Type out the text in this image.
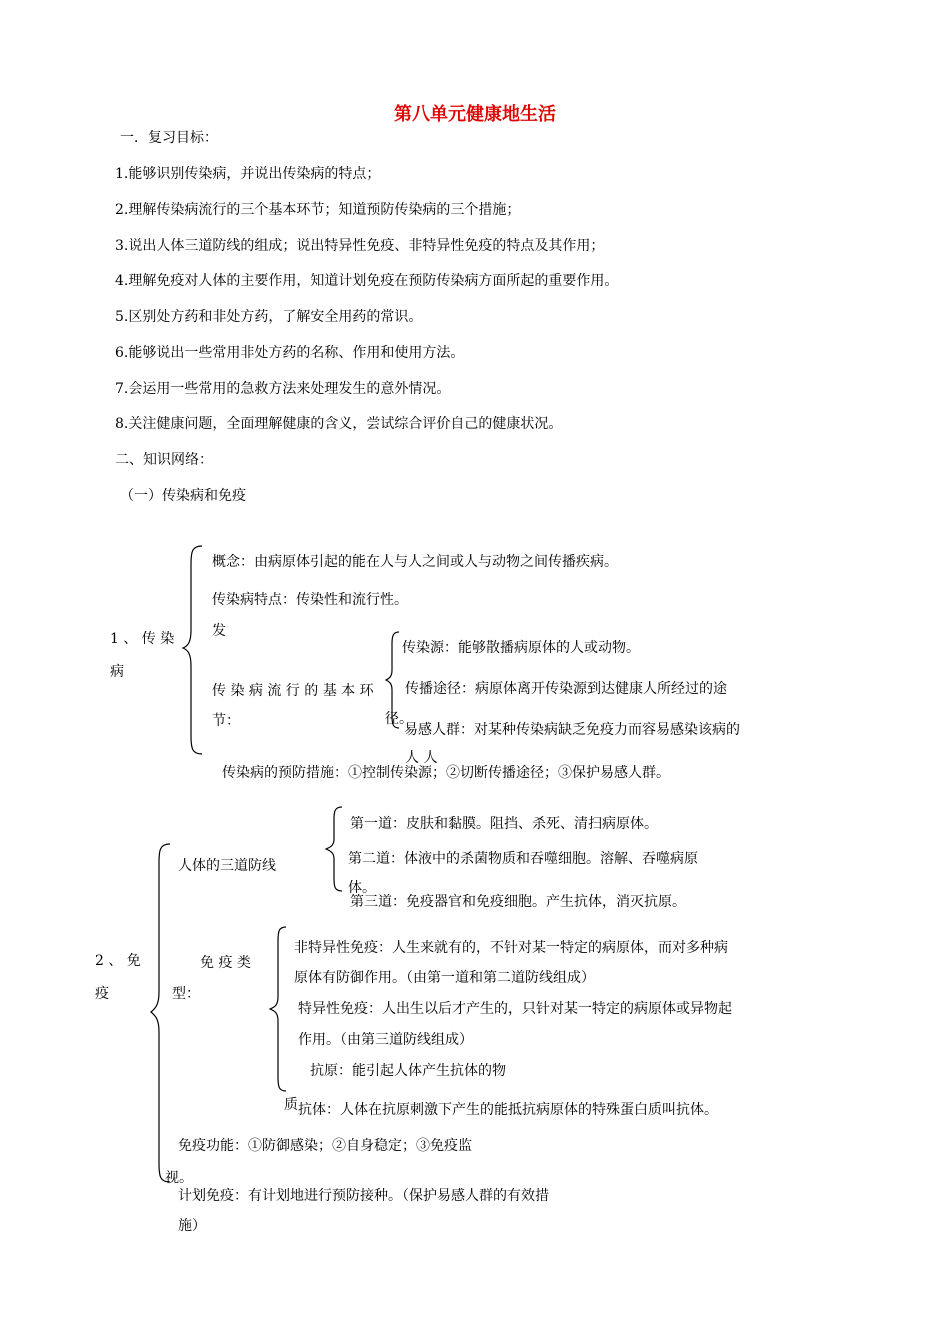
第八单元健康地生活
一．复习目标：
1.能够识别传染病，并说出传染病的特点；
2.理解传染病流行的三个基本环节；知道预防传染病的三个措施；
3.说出人体三道防线的组成；说出特异性免疫、非特异性免疫的特点及其作用；
4.理解免疫对人体的主要作用，知道计划免疫在预防传染病方面所起的重要作用。
5.区别处方药和非处方药，了解安全用药的常识。
6.能够说出一些常用非处方药的名称、作用和使用方法。
7.会运用一些常用的急救方法来处理发生的意外情况。
8.关注健康问题，全面理解健康的含义，尝试综合评价自己的健康状况。
二、知识网络：
（一）传染病和免疫
1 、 传 染
病
概念：由病原体引起的能在人与人之间或人与动物之间传播疾病。
传染病特点：传染性和流行性。
发
传 染 病 流 行 的 基 本 环
节：
传染源：能够散播病原体的人或动物。
传播途径：病原体离开传染源到达健康人所经过的途
径。
易感人群：对某种传染病缺乏免疫力而容易感染该病的
人 人
传染病的预防措施：①控制传染源；②切断传播途径；③保护易感人群。
2 、 免
疫
人体的三道防线
第一道：皮肤和黏膜。阻挡、杀死、清扫病原体。
第二道：体液中的杀菌物质和吞噬细胞。溶解、吞噬病原
体。
第三道：免疫器官和免疫细胞。产生抗体，消灭抗原。
免 疫 类
型：
非特异性免疫：人生来就有的，不针对某一特定的病原体，而对多种病
原体有防御作用。（由第一道和第二道防线组成）
特异性免疫：人出生以后才产生的，只针对某一特定的病原体或异物起
作用。（由第三道防线组成）
抗原：能引起人体产生抗体的物
质 抗体：人体在抗原刺激下产生的能抵抗病原体的特殊蛋白质叫抗体。
免疫功能：①防御感染；②自身稳定；③免疫监
视。
计划免疫：有计划地进行预防接种。（保护易感人群的有效措
施）
